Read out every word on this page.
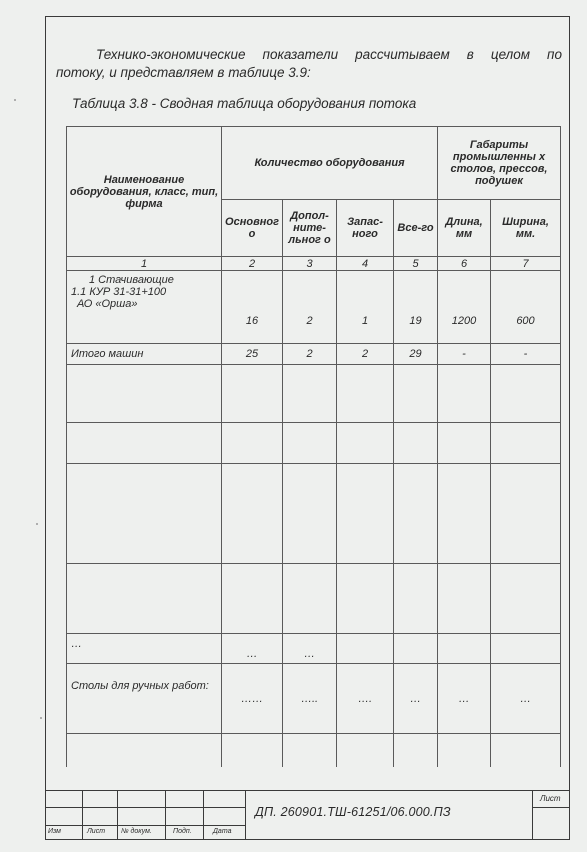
Технико-экономические показатели рассчитываем в целом по
потоку, и представляем в таблице 3.9:
Таблица 3.8 - Сводная таблица оборудования потока
Наименование оборудования, класс, тип, фирма	Количество оборудования				Габариты промышленны х столов, прессов, подушек	
	Основног о	Допол-ните-льног о	Запас-ного	Все-го	Длина, мм	Ширина, мм.
1	2	3	4	5	6	7

1 Стачивающие
1.1 КУР 31-31+100
АО «Орша»	16	2	1	19	1200	600
Итого машин	25	2	2	29	-	-

…	…	…				
Столы для ручных работ:	……	…..	….	…	…	…

Изм	Лист № докум.	Подп.	Дата
ДП. 260901.ТШ-61251/06.000.ПЗ
Лист
